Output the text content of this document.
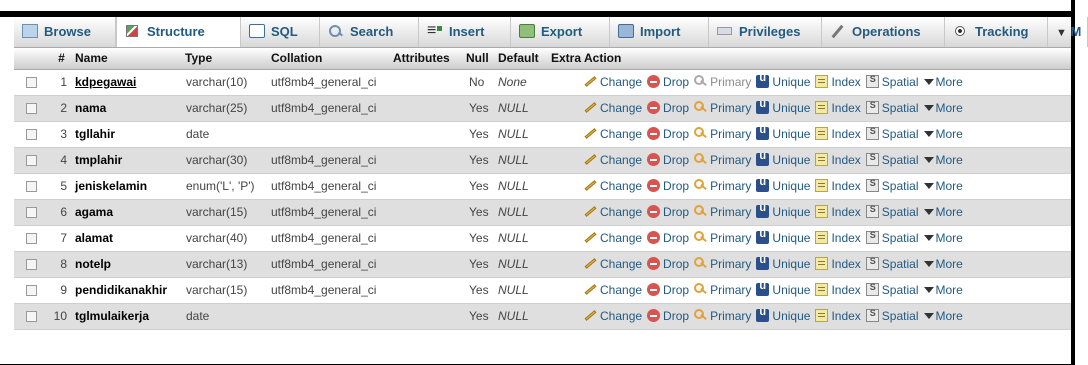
Browse	Structure	SQL	Search ≡	Insert	Export	Import	Privileges	Operations	Tracking	▼ M
	#	Name	Type	Collation	Attributes	Null	Default	Extra	Action
	1	kdpegawai	varchar(10)	utf8mb4_general_ci		No	None		Change Drop Primary u Unique Index S Spatial More
	2	nama	varchar(25)	utf8mb4_general_ci		Yes	NULL		Change Drop Primary u Unique Index S Spatial More
	3	tgllahir	date			Yes	NULL		Change Drop Primary u Unique Index S Spatial More
	4	tmplahir	varchar(30)	utf8mb4_general_ci		Yes	NULL		Change Drop Primary u Unique Index S Spatial More
	5	jeniskelamin	enum('L', 'P')	utf8mb4_general_ci		Yes	NULL		Change Drop Primary u Unique Index S Spatial More
	6	agama	varchar(15)	utf8mb4_general_ci		Yes	NULL		Change Drop Primary u Unique Index S Spatial More
	7	alamat	varchar(40)	utf8mb4_general_ci		Yes	NULL		Change Drop Primary u Unique Index S Spatial More
	8	notelp	varchar(13)	utf8mb4_general_ci		Yes	NULL		Change Drop Primary u Unique Index S Spatial More
	9	pendidikanakhir	varchar(15)	utf8mb4_general_ci		Yes	NULL		Change Drop Primary u Unique Index S Spatial More
	10	tglmulaikerja	date			Yes	NULL		Change Drop Primary u Unique Index S Spatial More
